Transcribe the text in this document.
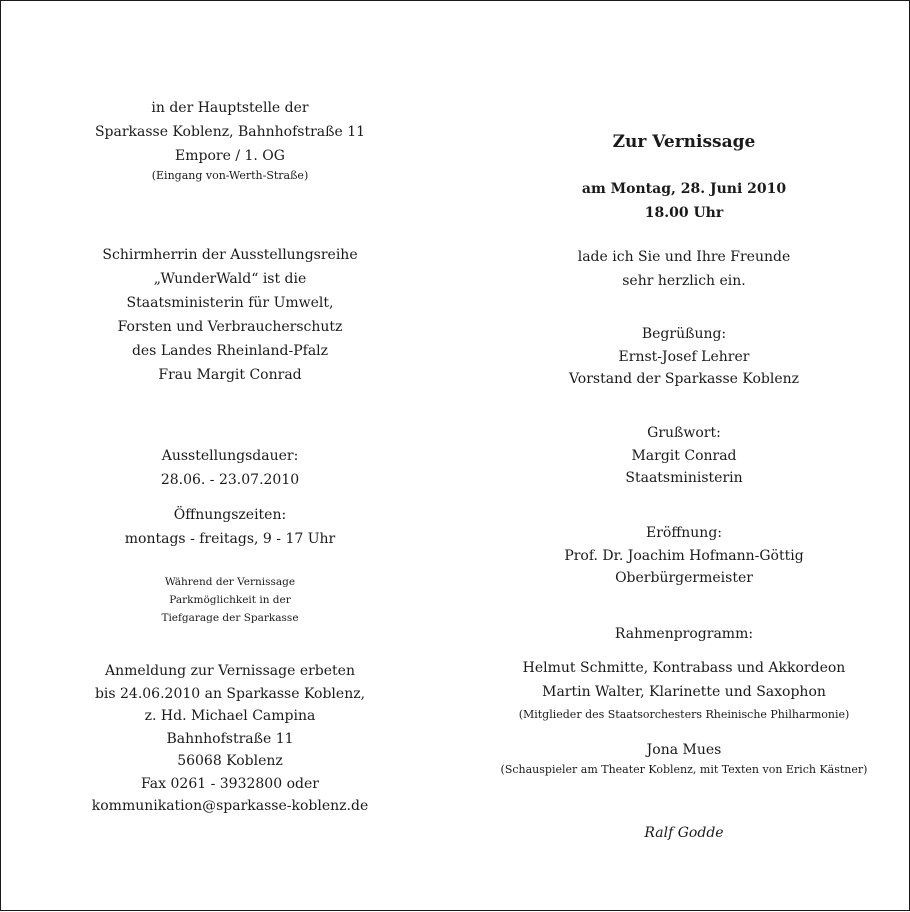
in der Hauptstelle der
Sparkasse Koblenz, Bahnhofstraße 11
Empore / 1. OG
(Eingang von-Werth-Straße)
Schirmherrin der Ausstellungsreihe
„WunderWald“ ist die
Staatsministerin für Umwelt,
Forsten und Verbraucherschutz
des Landes Rheinland-Pfalz
Frau Margit Conrad
Ausstellungsdauer:
28.06. - 23.07.2010
Öffnungszeiten:
montags - freitags, 9 - 17 Uhr
Während der Vernissage
Parkmöglichkeit in der
Tiefgarage der Sparkasse
Anmeldung zur Vernissage erbeten
bis 24.06.2010 an Sparkasse Koblenz,
z. Hd. Michael Campina
Bahnhofstraße 11
56068 Koblenz
Fax 0261 - 3932800 oder
kommunikation@sparkasse-koblenz.de
Zur Vernissage
am Montag, 28. Juni 2010
18.00 Uhr
lade ich Sie und Ihre Freunde
sehr herzlich ein.
Begrüßung:
Ernst-Josef Lehrer
Vorstand der Sparkasse Koblenz
Grußwort:
Margit Conrad
Staatsministerin
Eröffnung:
Prof. Dr. Joachim Hofmann-Göttig
Oberbürgermeister
Rahmenprogramm:
Helmut Schmitte, Kontrabass und Akkordeon
Martin Walter, Klarinette und Saxophon
(Mitglieder des Staatsorchesters Rheinische Philharmonie)
Jona Mues
(Schauspieler am Theater Koblenz, mit Texten von Erich Kästner)
Ralf Godde
